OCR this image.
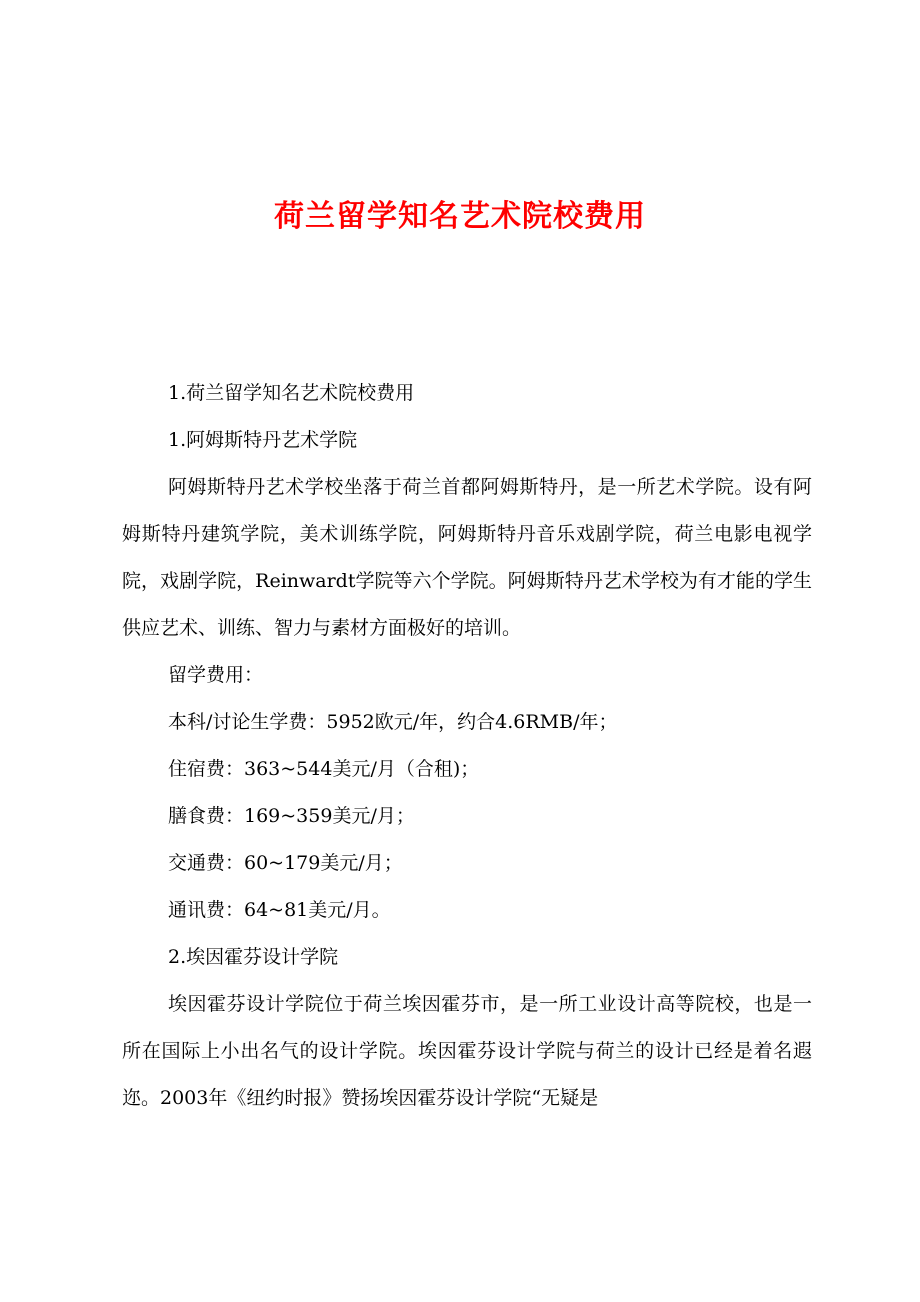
荷兰留学知名艺术院校费用

1.荷兰留学知名艺术院校费用

1.阿姆斯特丹艺术学院

阿姆斯特丹艺术学校坐落于荷兰首都阿姆斯特丹，是一所艺术学院。设有阿姆斯特丹建筑学院，美术训练学院，阿姆斯特丹音乐戏剧学院，荷兰电影电视学院，戏剧学院，Reinwardt学院等六个学院。阿姆斯特丹艺术学校为有才能的学生供应艺术、训练、智力与素材方面极好的培训。

留学费用：

本科/讨论生学费：5952欧元/年，约合4.6RMB/年；

住宿费：363~544美元/月（合租)；

膳食费：169~359美元/月；

交通费：60~179美元/月；

通讯费：64~81美元/月。

2.埃因霍芬设计学院

埃因霍芬设计学院位于荷兰埃因霍芬市，是一所工业设计高等院校，也是一所在国际上小出名气的设计学院。埃因霍芬设计学院与荷兰的设计已经是着名遐迩。2003年《纽约时报》赞扬埃因霍芬设计学院“无疑是
